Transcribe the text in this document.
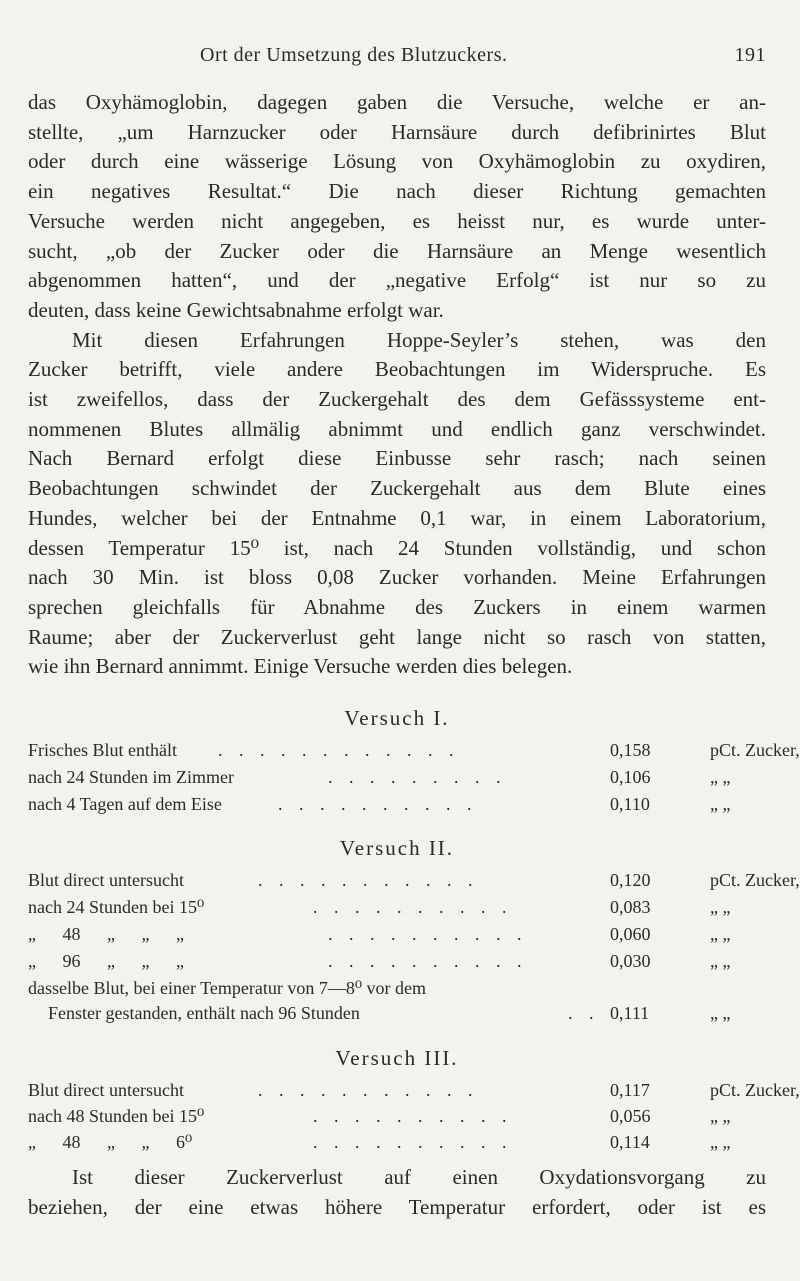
Ort der Umsetzung des Blutzuckers.	191
das Oxyhämoglobin, dagegen gaben die Versuche, welche er an-
stellte, „um Harnzucker oder Harnsäure durch defibrinirtes Blut
oder durch eine wässerige Lösung von Oxyhämoglobin zu oxydiren,
ein negatives Resultat.“ Die nach dieser Richtung gemachten
Versuche werden nicht angegeben, es heisst nur, es wurde unter-
sucht, „ob der Zucker oder die Harnsäure an Menge wesentlich
abgenommen hatten“, und der „negative Erfolg“ ist nur so zu
deuten, dass keine Gewichtsabnahme erfolgt war.
Mit diesen Erfahrungen Hoppe-Seyler’s stehen, was den
Zucker betrifft, viele andere Beobachtungen im Widerspruche. Es
ist zweifellos, dass der Zuckergehalt des dem Gefässsysteme ent-
nommenen Blutes allmälig abnimmt und endlich ganz verschwindet.
Nach Bernard erfolgt diese Einbusse sehr rasch; nach seinen
Beobachtungen schwindet der Zuckergehalt aus dem Blute eines
Hundes, welcher bei der Entnahme 0,1 war, in einem Laboratorium,
dessen Temperatur 15⁰ ist, nach 24 Stunden vollständig, und schon
nach 30 Min. ist bloss 0,08 Zucker vorhanden. Meine Erfahrungen
sprechen gleichfalls für Abnahme des Zuckers in einem warmen
Raume; aber der Zuckerverlust geht lange nicht so rasch von statten,
wie ihn Bernard annimmt. Einige Versuche werden dies belegen.
Versuch I.
Frisches Blut enthält . . . . . . . . . . . .	0,158	pCt. Zucker,
nach 24 Stunden im Zimmer	. . . . . . . . .	0,106	„ „
nach 4 Tagen auf dem Eise	. . . . . . . . . .	0,110	„ „
Versuch II.
Blut direct untersucht	. . . . . . . . . . .	0,120	pCt. Zucker,
nach 24 Stunden bei 15⁰	. . . . . . . . . .	0,083	„ „
„ 48 „ „ „	. . . . . . . . . .	0,060	„ „
„ 96 „ „ „	. . . . . . . . . .	0,030	„ „
dasselbe Blut, bei einer Temperatur von 7—8⁰ vor dem
Fenster gestanden, enthält nach 96 Stunden	. . 0,111	„ „
Versuch III.
Blut direct untersucht	. . . . . . . . . . .	0,117	pCt. Zucker,
nach 48 Stunden bei 15⁰	. . . . . . . . . .	0,056	„ „
„ 48 „ „ 6⁰	. . . . . . . . . .	0,114	„ „
Ist dieser Zuckerverlust auf einen Oxydationsvorgang zu
beziehen, der eine etwas höhere Temperatur erfordert, oder ist es
